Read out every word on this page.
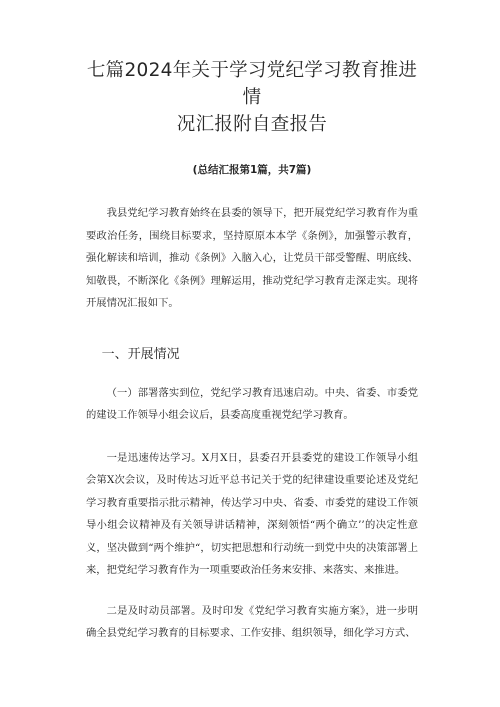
七篇2024年关于学习党纪学习教育推进情
况汇报附自查报告

(总结汇报第1篇，共7篇)

我县党纪学习教育始终在县委的领导下，把开展党纪学习教育作为重要政治任务，围绕目标要求，坚持原原本本学《条例》，加强警示教育，强化解读和培训，推动《条例》入脑入心，让党员干部受警醒、明底线、知敬畏，不断深化《条例》理解运用，推动党纪学习教育走深走实。现将开展情况汇报如下。

一、开展情况

（一）部署落实到位，党纪学习教育迅速启动。中央、省委、市委党的建设工作领导小组会议后，县委高度重视党纪学习教育。

一是迅速传达学习。X月X日，县委召开县委党的建设工作领导小组会第X次会议，及时传达习近平总书记关于党的纪律建设重要论述及党纪学习教育重要指示批示精神，传达学习中央、省委、市委党的建设工作领导小组会议精神及有关领导讲话精神，深刻领悟“两个确立’’的决定性意义，坚决做到“两个维护“，切实把思想和行动统一到党中央的决策部署上来，把党纪学习教育作为一项重要政治任务来安排、来落实、来推进。

二是及时动员部署。及时印发《党纪学习教育实施方案》，进一步明确全县党纪学习教育的目标要求、工作安排、组织领导，细化学习方式、
